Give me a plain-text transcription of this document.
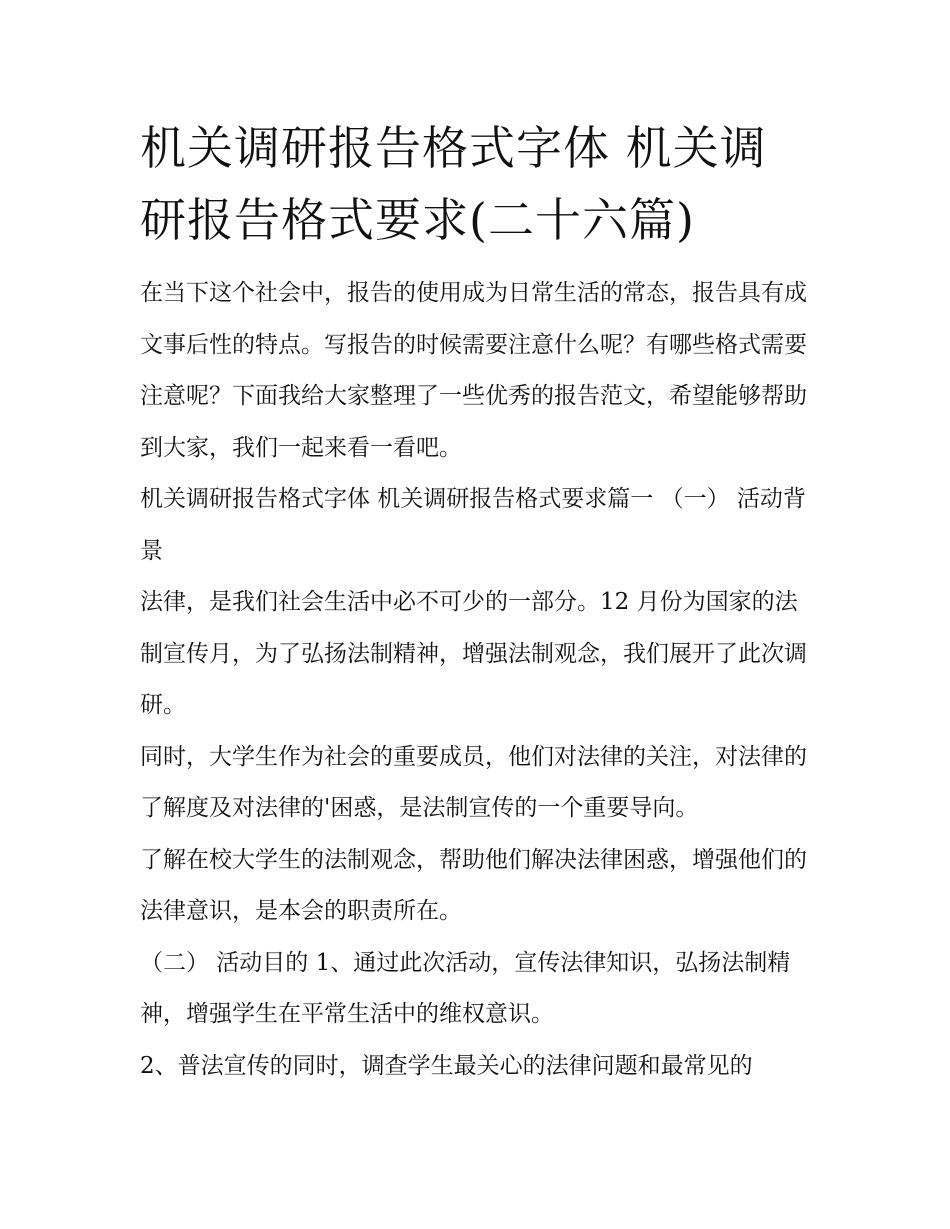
机关调研报告格式字体 机关调研报告格式要求(二十六篇)

在当下这个社会中，报告的使用成为日常生活的常态，报告具有成文事后性的特点。写报告的时候需要注意什么呢？有哪些格式需要注意呢？下面我给大家整理了一些优秀的报告范文，希望能够帮助到大家，我们一起来看一看吧。

机关调研报告格式字体 机关调研报告格式要求篇一 （一） 活动背景

法律，是我们社会生活中必不可少的一部分。12 月份为国家的法制宣传月，为了弘扬法制精神，增强法制观念，我们展开了此次调研。

同时，大学生作为社会的重要成员，他们对法律的关注，对法律的了解度及对法律的'困惑，是法制宣传的一个重要导向。

了解在校大学生的法制观念，帮助他们解决法律困惑，增强他们的法律意识，是本会的职责所在。

（二） 活动目的 1、通过此次活动，宣传法律知识，弘扬法制精神，增强学生在平常生活中的维权意识。

2、普法宣传的同时，调查学生最关心的法律问题和最常见的
